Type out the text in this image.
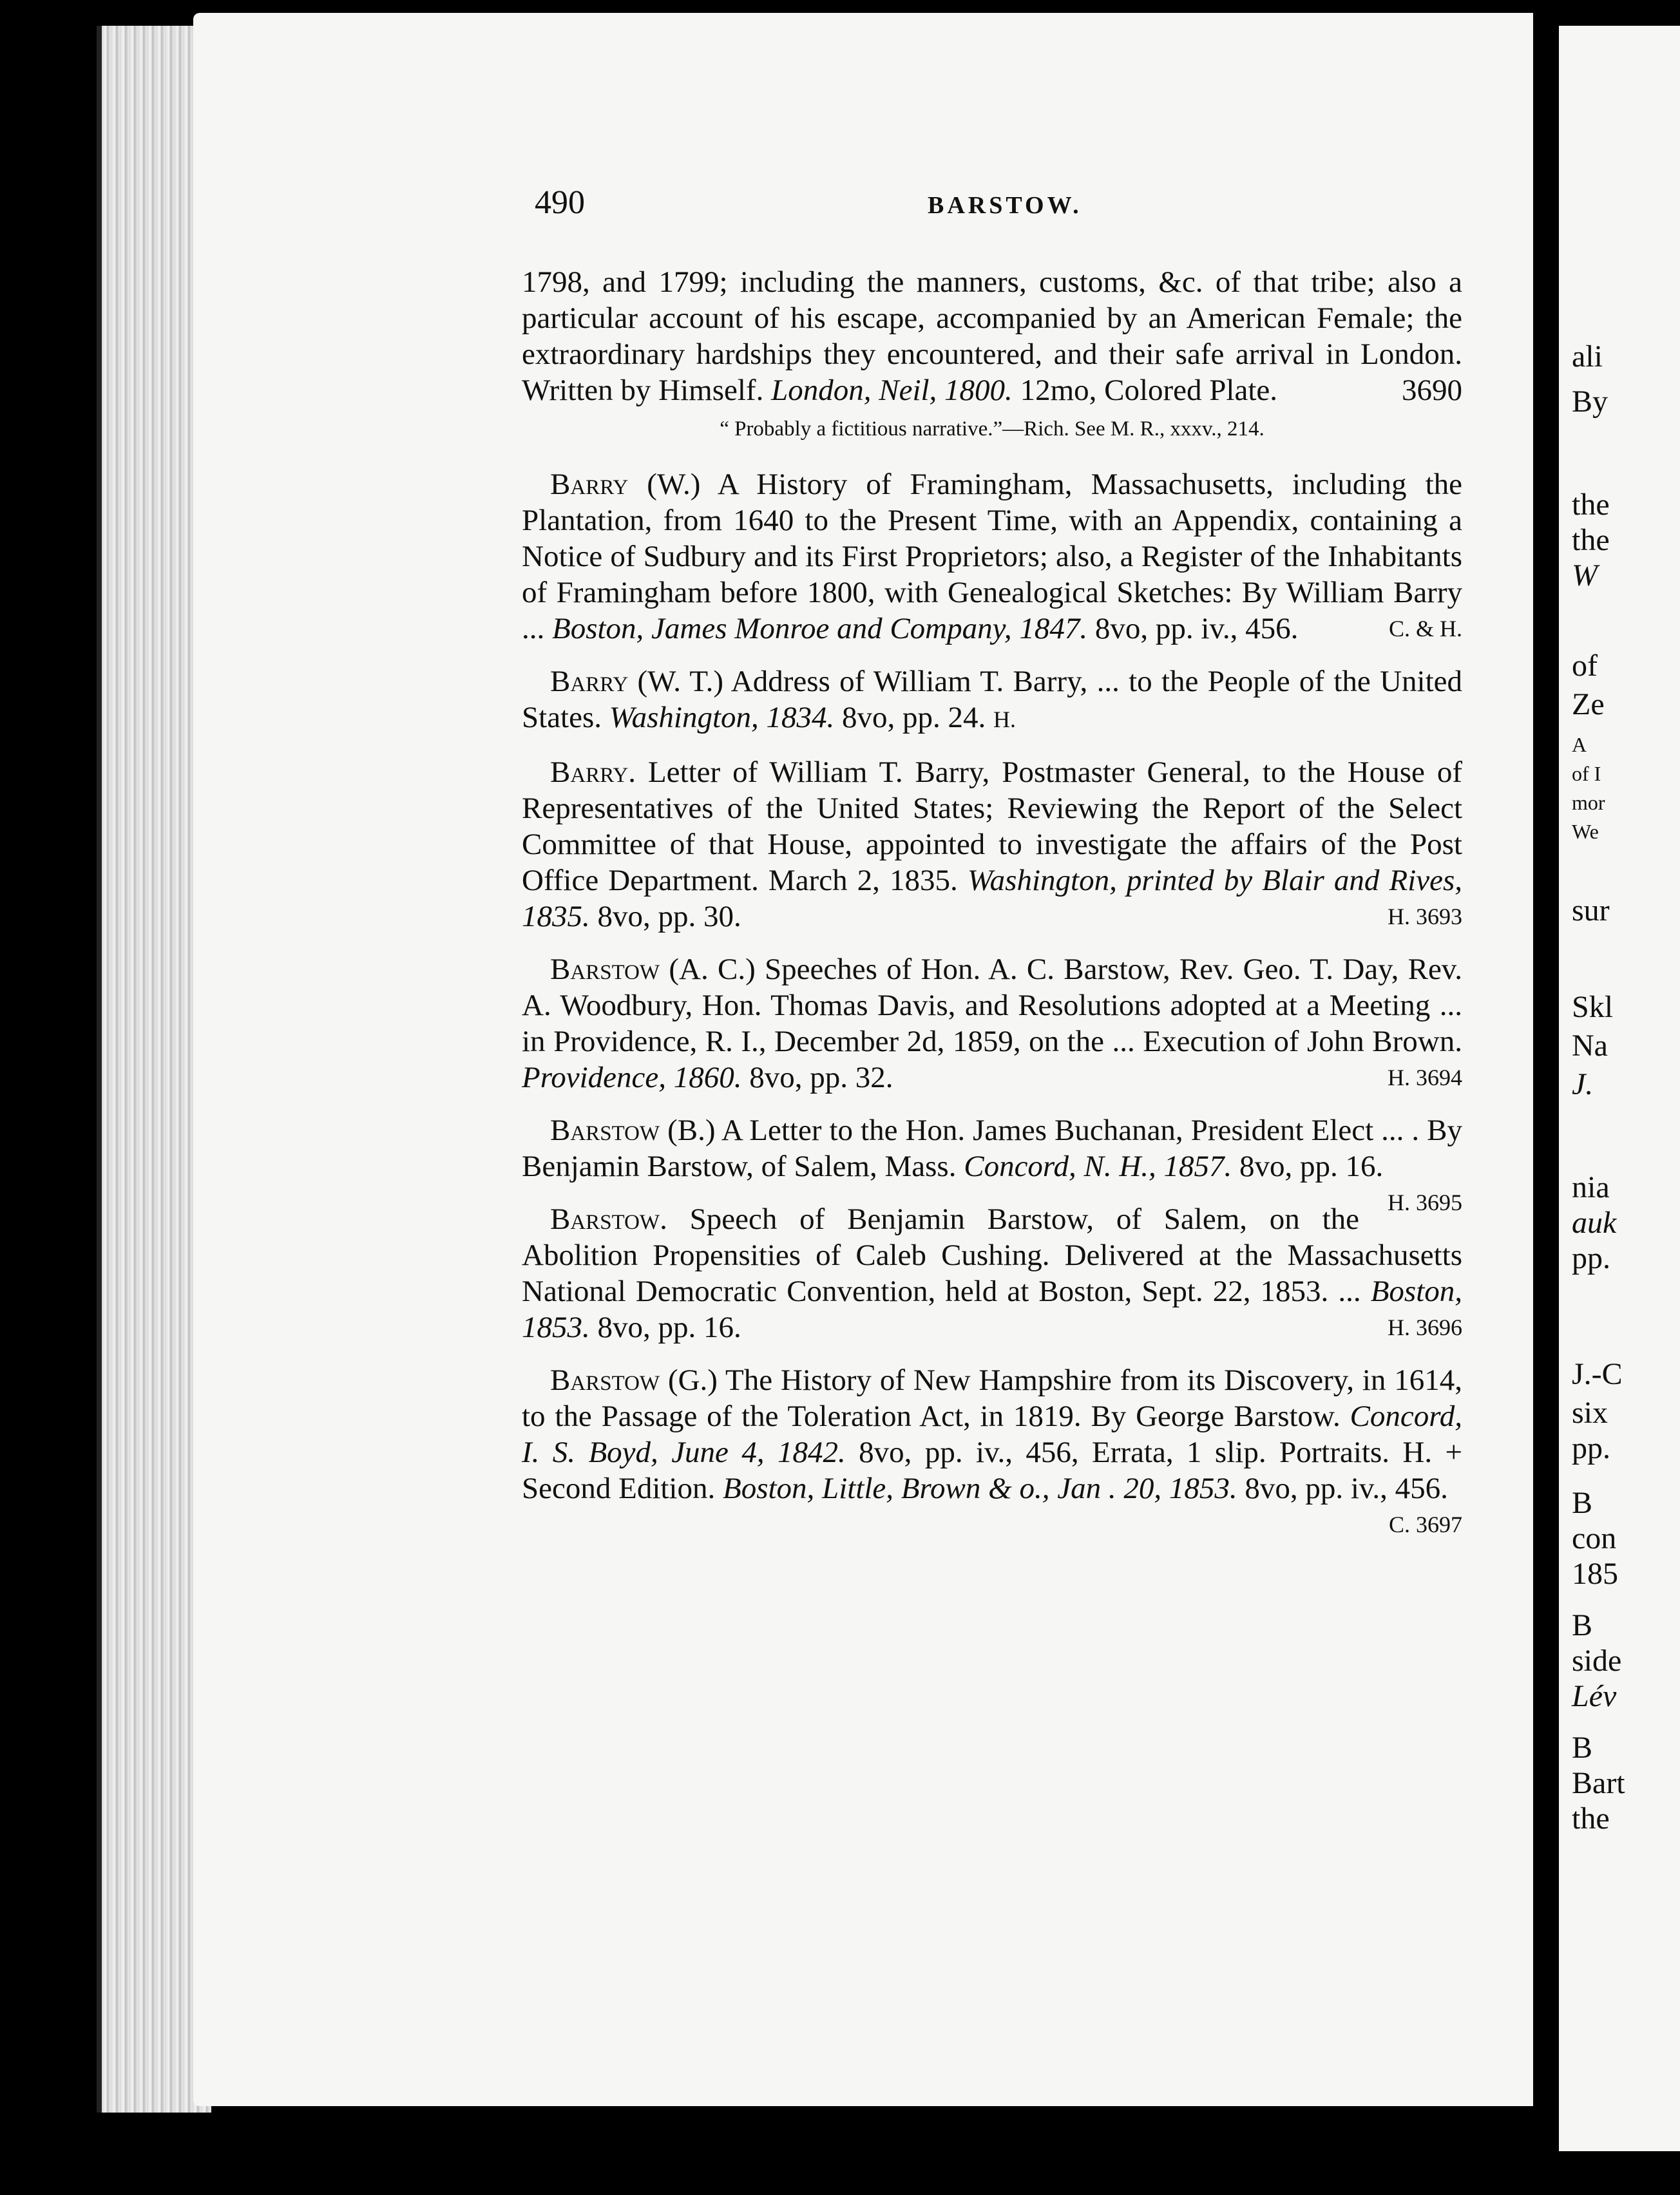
ali
By
the
the
W
of
Ze
A
of I
mor
We
sur
Skl
Na
J.
nia
auk
pp.
J.-C
six
pp.
B
con
185
B
side
Lév
B
Bart
the
490	BARSTOW.

1798, and 1799; including the manners, customs, &c. of that tribe; also a particular account of his escape, accompanied by an American Female; the extraordinary hardships they encountered, and their safe arrival in London. Written by Himself. London, Neil, 1800. 12mo, Colored Plate.	3690

“ Probably a fictitious narrative.”—Rich. See M. R., xxxv., 214.

Barry (W.) A History of Framingham, Massachusetts, including the Plantation, from 1640 to the Present Time, with an Appendix, containing a Notice of Sudbury and its First Proprietors; also, a Register of the Inhabitants of Framingham before 1800, with Genealogical Sketches: By William Barry ... Boston, James Monroe and Company, 1847. 8vo, pp. iv., 456.	C. & H.

Barry (W. T.) Address of William T. Barry, ... to the People of the United States. Washington, 1834. 8vo, pp. 24. H.

Barry. Letter of William T. Barry, Postmaster General, to the House of Representatives of the United States; Reviewing the Report of the Select Committee of that House, appointed to investigate the affairs of the Post Office Department. March 2, 1835. Washington, printed by Blair and Rives, 1835. 8vo, pp. 30.	H. 3693

Barstow (A. C.) Speeches of Hon. A. C. Barstow, Rev. Geo. T. Day, Rev. A. Woodbury, Hon. Thomas Davis, and Resolutions adopted at a Meeting ... in Providence, R. I., December 2d, 1859, on the ... Execution of John Brown. Providence, 1860. 8vo, pp. 32.	H. 3694

Barstow (B.) A Letter to the Hon. James Buchanan, President Elect ... . By Benjamin Barstow, of Salem, Mass. Concord, N. H., 1857. 8vo, pp. 16.
H. 3695

Barstow. Speech of Benjamin Barstow, of Salem, on the Abolition Propensities of Caleb Cushing. Delivered at the Massachusetts National Democratic Convention, held at Boston, Sept. 22, 1853. ... Boston, 1853. 8vo, pp. 16.	H. 3696

Barstow (G.) The History of New Hampshire from its Discovery, in 1614, to the Passage of the Toleration Act, in 1819. By George Barstow. Concord, I. S. Boyd, June 4, 1842. 8vo, pp. iv., 456, Errata, 1 slip. Portraits. H. + Second Edition. Boston, Little, Brown & o., Jan . 20, 1853. 8vo, pp. iv., 456.
C. 3697
